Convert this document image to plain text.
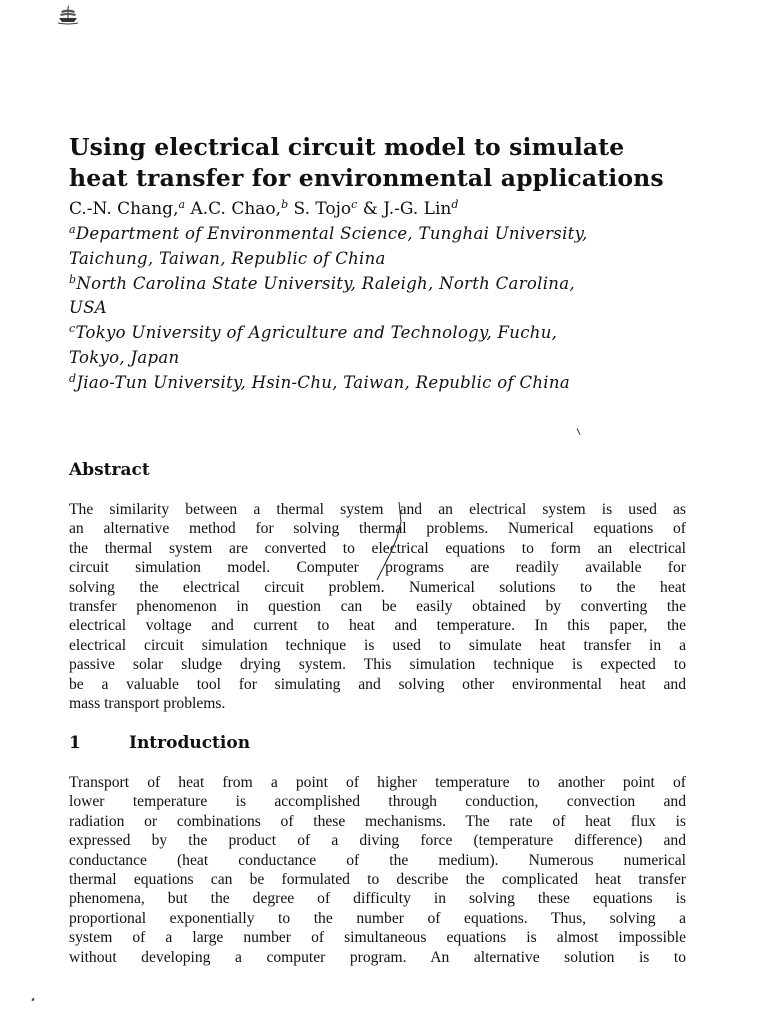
Using electrical circuit model to simulate
heat transfer for environmental applications

C.-N. Chang,$^a$ A.C. Chao,$^b$ S. Tojo$^c$ & J.-G. Lin$^d$

$^a$Department of Environmental Science, Tunghai University,
Taichung, Taiwan, Republic of China
$^b$North Carolina State University, Raleigh, North Carolina,
USA
$^c$Tokyo University of Agriculture and Technology, Fuchu,
Tokyo, Japan
$^d$Jiao-Tun University, Hsin-Chu, Taiwan, Republic of China
Abstract
The similarity between a thermal system and an electrical system is used as
an alternative method for solving thermal problems. Numerical equations of
the thermal system are converted to electrical equations to form an electrical
circuit simulation model. Computer programs are readily available for
solving the electrical circuit problem. Numerical solutions to the heat
transfer phenomenon in question can be easily obtained by converting the
electrical voltage and current to heat and temperature. In this paper, the
electrical circuit simulation technique is used to simulate heat transfer in a
passive solar sludge drying system. This simulation technique is expected to
be a valuable tool for simulating and solving other environmental heat and
mass transport problems.
1	Introduction
Transport of heat from a point of higher temperature to another point of
lower temperature is accomplished through conduction, convection and
radiation or combinations of these mechanisms. The rate of heat flux is
expressed by the product of a diving force (temperature difference) and
conductance (heat conductance of the medium). Numerous numerical
thermal equations can be formulated to describe the complicated heat transfer
phenomena, but the degree of difficulty in solving these equations is
proportional exponentially to the number of equations. Thus, solving a
system of a large number of simultaneous equations is almost impossible
without developing a computer program. An alternative solution is to
